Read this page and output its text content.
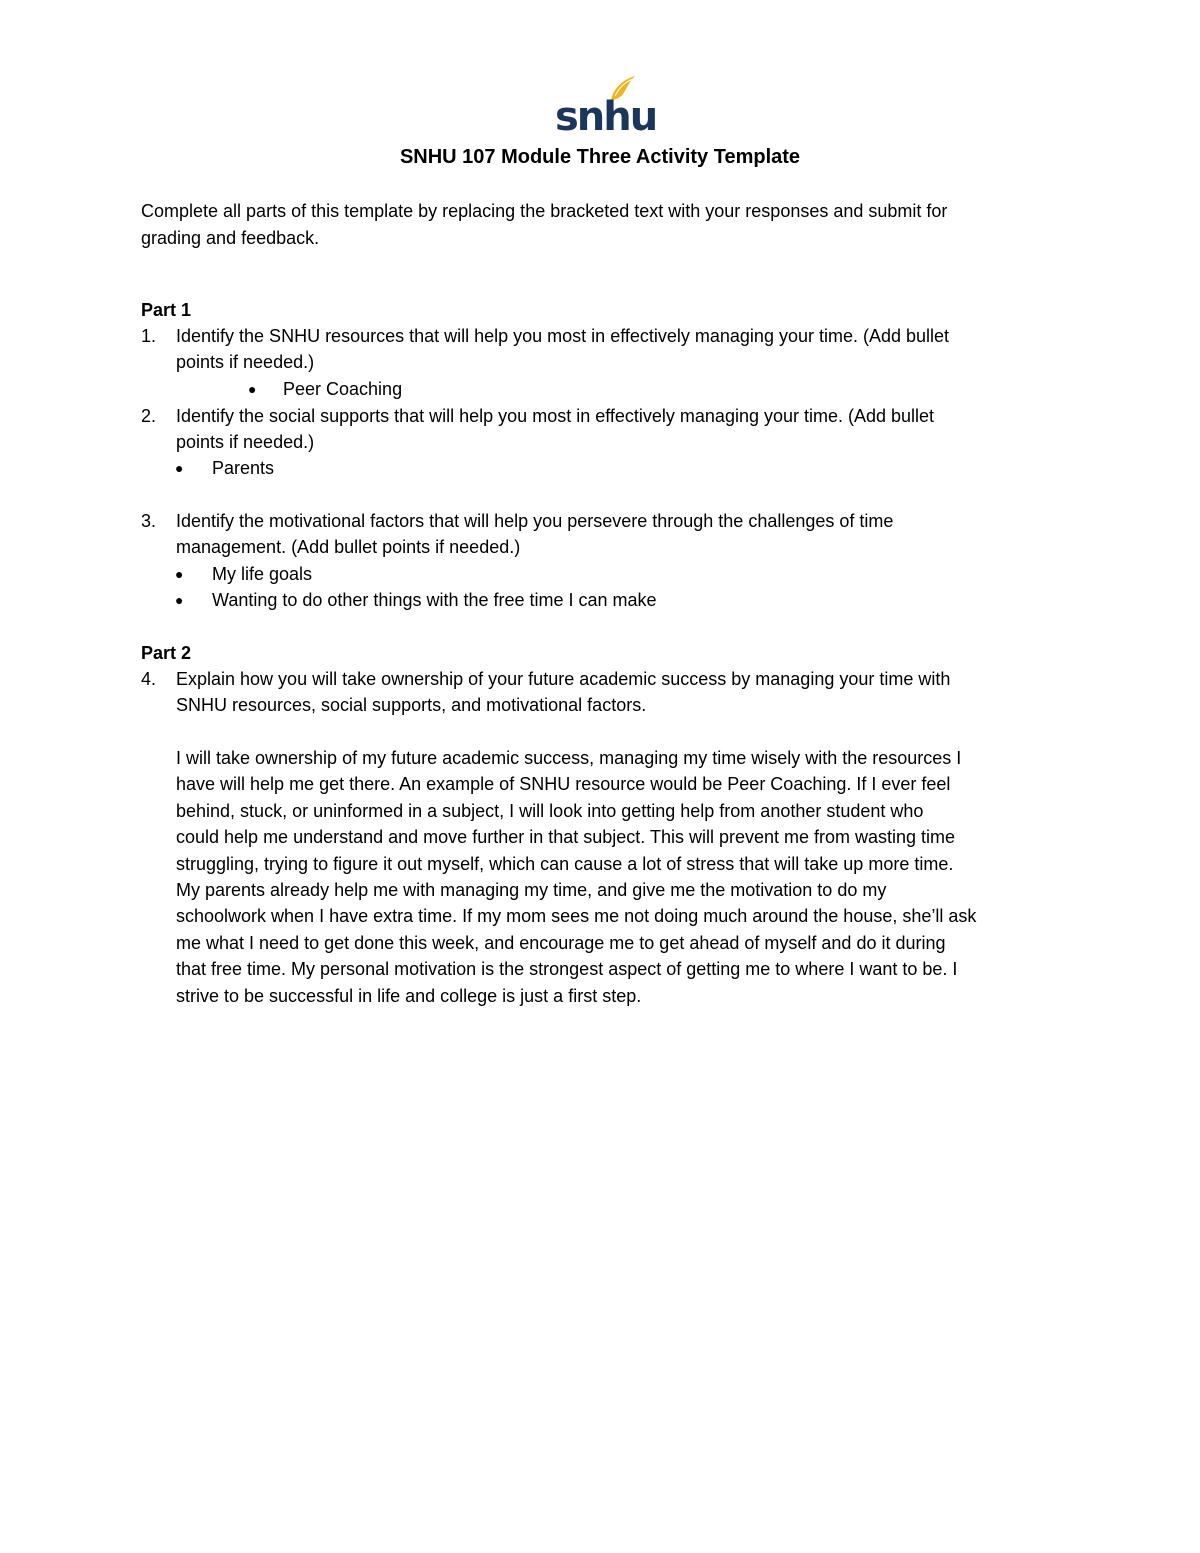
snhu
SNHU 107 Module Three Activity Template
Complete all parts of this template by replacing the bracketed text with your responses and submit for
grading and feedback.
Part 1
1. Identify the SNHU resources that will help you most in effectively managing your time. (Add bullet
points if needed.)
● Peer Coaching
2. Identify the social supports that will help you most in effectively managing your time. (Add bullet
points if needed.)
● Parents
3. Identify the motivational factors that will help you persevere through the challenges of time
management. (Add bullet points if needed.)
● My life goals
● Wanting to do other things with the free time I can make
Part 2
4. Explain how you will take ownership of your future academic success by managing your time with
SNHU resources, social supports, and motivational factors.
I will take ownership of my future academic success, managing my time wisely with the resources I
have will help me get there. An example of SNHU resource would be Peer Coaching. If I ever feel
behind, stuck, or uninformed in a subject, I will look into getting help from another student who
could help me understand and move further in that subject. This will prevent me from wasting time
struggling, trying to figure it out myself, which can cause a lot of stress that will take up more time.
My parents already help me with managing my time, and give me the motivation to do my
schoolwork when I have extra time. If my mom sees me not doing much around the house, she’ll ask
me what I need to get done this week, and encourage me to get ahead of myself and do it during
that free time. My personal motivation is the strongest aspect of getting me to where I want to be. I
strive to be successful in life and college is just a first step.
